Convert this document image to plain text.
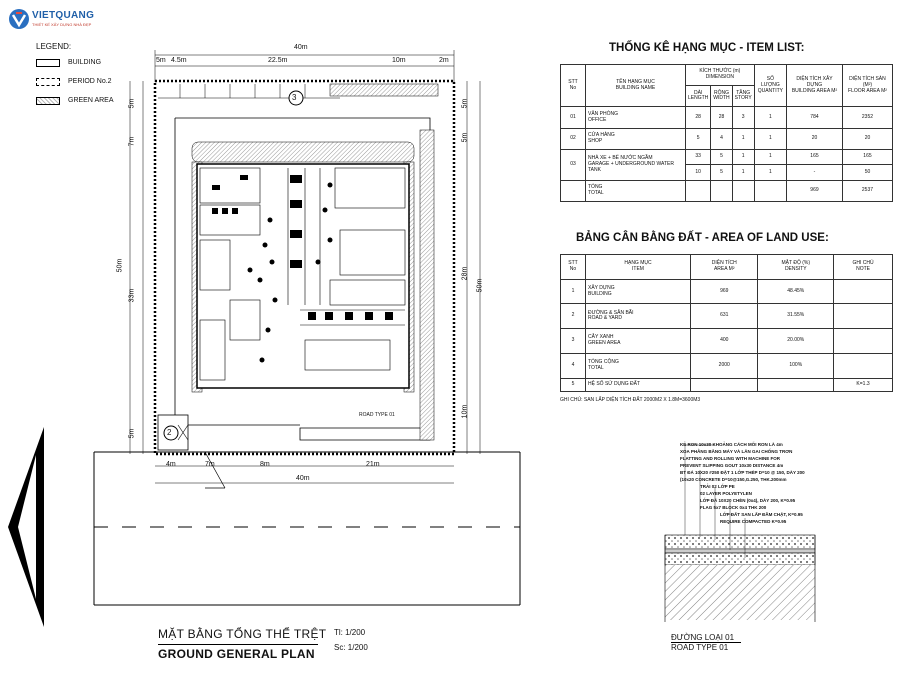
VIETQUANG
THIẾT KẾ XÂY DỰNG NHÀ ĐẸP
LEGEND:
BUILDING
PERIOD No.2
GREEN AREA
40m
5m 4.5m	22.5m	10m	2m
50m
5m
7m
33m
5m
5m
5m
28m
50m
10m
4m	7m	8m	21m
40m
ROAD TYPE 01
3
2
MẶT BẰNG TỔNG THỂ TRỆT Tl: 1/200
GROUND GENERAL PLAN Sc: 1/200
THỐNG KÊ HẠNG MỤC - ITEM LIST:
STT
No	TÊN HẠNG MỤC
BUILDING NAME	KÍCH THƯỚC (m)
DIMENSION			SỐ LƯỢNG
QUANTITY	DIỆN TÍCH XÂY DỰNG
BUILDING AREA M²	DIỆN TÍCH SÀN (M²)
FLOOR AREA M²
		DÀI
LENGTH	RỘNG
WIDTH	TẦNG
STORY			
01	VĂN PHÒNG
OFFICE	28	28	3	1	784	2352
02	CỬA HÀNG
SHOP	5	4	1	1	20	20
03	NHÀ XE + BỂ NƯỚC NGẦM
GARAGE + UNDERGROUND WATER TANK	33	5	1	1	165	165
		10	5	1	1	-	50
	TỔNG
TOTAL					969	2537
BẢNG CÂN BẰNG ĐẤT - AREA OF LAND USE:
STT
No	HẠNG MỤC
ITEM	DIỆN TÍCH
AREA M²	MẬT ĐỘ (%)
DENSITY	GHI CHÚ
NOTE
1	XÂY DỰNG
BUILDING	969	48.45%	
2	ĐƯỜNG & SÂN BÃI
ROAD & YARD	631	31.55%	
3	CÂY XANH
GREEN AREA	400	20.00%	
4	TỔNG CỘNG
TOTAL	2000	100%	
5	HỆ SỐ SỬ DỤNG ĐẤT			K=1.3
GHI CHÚ: SAN LẤP DIỆN TÍCH ĐẤT 2000M2 X 1.8M=3600M3
KẺ RON 10x30 KHOẢNG CÁCH MỖI RON LÀ 4m
XOA PHẲNG BẰNG MÁY VÀ LĂN GAI CHỐNG TRƠN
FLATTING AND ROLLING WITH MACHINE FOR
PREVENT SLIPPING GOUT 10x30 DISTANCE 4m
BT ĐÁ 10X20 #250 ĐẶT 1 LỚP THÉP D=10 @ 150, DÀY 200
(10x20 CONCRETE D=10@150,G.250, THK.200mm
TRẢI 02 LỚP PE
02 LAYER POLYETYLEN
LỚP ĐÁ 10X20 CHÈN (0x4), DÀY 200, K=0.95
FLAG 5x7 BLOCK 0x4 THK 200
LỚP ĐẤT SAN LẤP ĐẦM CHẶT, K=0.95
REQUIRE COMPACTED K=0.95
ĐƯỜNG LOẠI 01
ROAD TYPE 01
